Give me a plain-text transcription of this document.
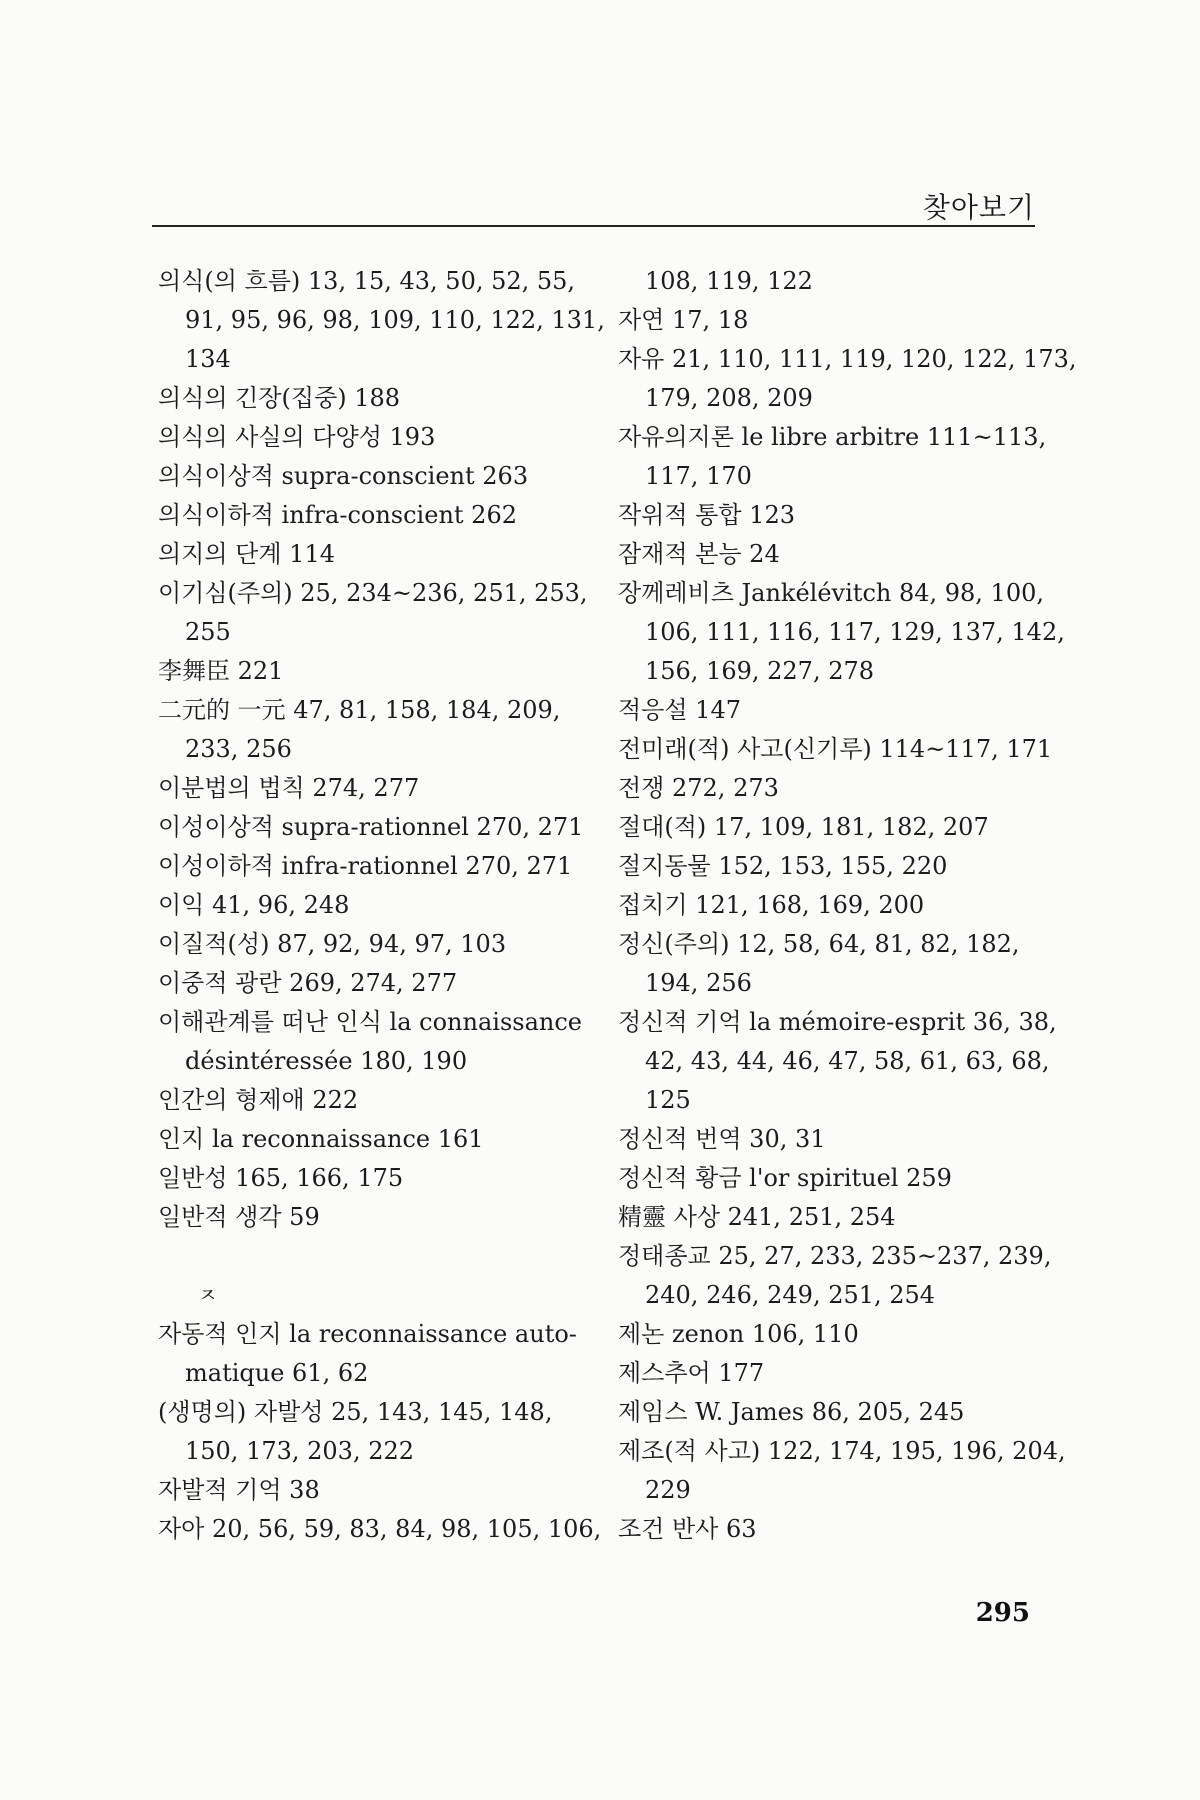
찾아보기
의식(의 흐름) 13, 15, 43, 50, 52, 55,
91, 95, 96, 98, 109, 110, 122, 131,
134
의식의 긴장(집중) 188
의식의 사실의 다양성 193
의식이상적 supra-conscient 263
의식이하적 infra-conscient 262
의지의 단계 114
이기심(주의) 25, 234~236, 251, 253,
255
李舞臣 221
二元的 一元 47, 81, 158, 184, 209,
233, 256
이분법의 법칙 274, 277
이성이상적 supra-rationnel 270, 271
이성이하적 infra-rationnel 270, 271
이익 41, 96, 248
이질적(성) 87, 92, 94, 97, 103
이중적 광란 269, 274, 277
이해관계를 떠난 인식 la connaissance
désintéressée 180, 190
인간의 형제애 222
인지 la reconnaissance 161
일반성 165, 166, 175
일반적 생각 59
ㅈ
자동적 인지 la reconnaissance auto-
matique 61, 62
(생명의) 자발성 25, 143, 145, 148,
150, 173, 203, 222
자발적 기억 38
자아 20, 56, 59, 83, 84, 98, 105, 106,
108, 119, 122
자연 17, 18
자유 21, 110, 111, 119, 120, 122, 173,
179, 208, 209
자유의지론 le libre arbitre 111~113,
117, 170
작위적 통합 123
잠재적 본능 24
장께레비츠 Jankélévitch 84, 98, 100,
106, 111, 116, 117, 129, 137, 142,
156, 169, 227, 278
적응설 147
전미래(적) 사고(신기루) 114~117, 171
전쟁 272, 273
절대(적) 17, 109, 181, 182, 207
절지동물 152, 153, 155, 220
접치기 121, 168, 169, 200
정신(주의) 12, 58, 64, 81, 82, 182,
194, 256
정신적 기억 la mémoire-esprit 36, 38,
42, 43, 44, 46, 47, 58, 61, 63, 68,
125
정신적 번역 30, 31
정신적 황금 l'or spirituel 259
精靈 사상 241, 251, 254
정태종교 25, 27, 233, 235~237, 239,
240, 246, 249, 251, 254
제논 zenon 106, 110
제스추어 177
제임스 W. James 86, 205, 245
제조(적 사고) 122, 174, 195, 196, 204,
229
조건 반사 63
295
